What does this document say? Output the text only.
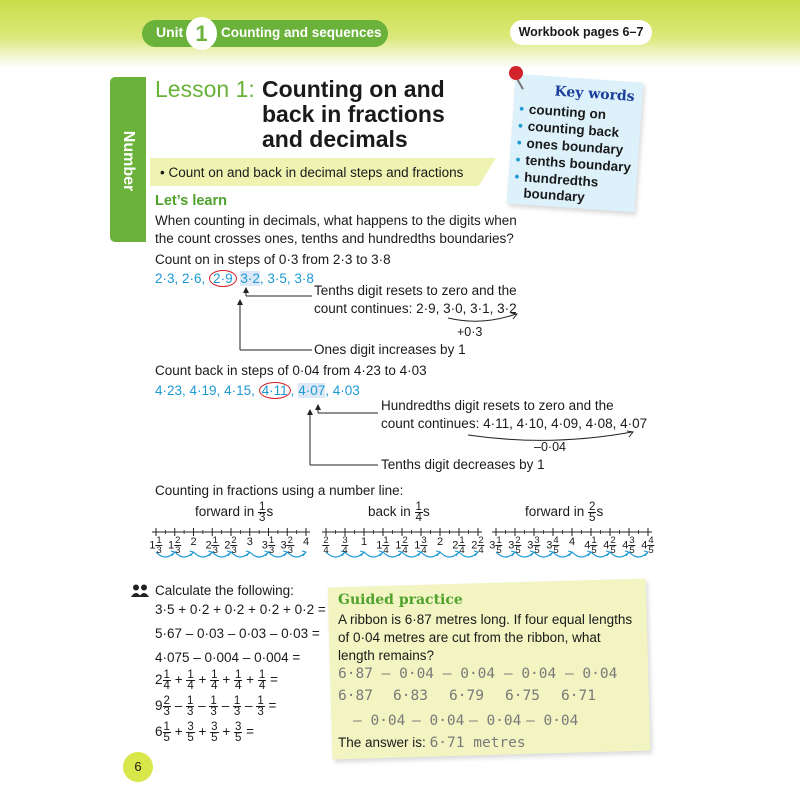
Unit 1 Counting and sequences	Workbook pages 6–7
Number
Lesson 1: Counting on and
back in fractions
and decimals
Key words
• counting on
• counting back
• ones boundary
• tenths boundary
• hundredths
boundary
• Count on and back in decimal steps and fractions
Let’s learn
When counting in decimals, what happens to the digits when
the count crosses ones, tenths and hundredths boundaries?
Count on in steps of 0·3 from 2·3 to 3·8
2·3, 2·6, 2·9 3·2, 3·5, 3·8
Tenths digit resets to zero and the
count continues: 2·9, 3·0, 3·1, 3·2
+0·3
Ones digit increases by 1
Count back in steps of 0·04 from 4·23 to 4·03
4·23, 4·19, 4·15, 4·11 , 4·07, 4·03
Hundredths digit resets to zero and the
count continues: 4·11, 4·10, 4·09, 4·08, 4·07
–0·04
Tenths digit decreases by 1
Counting in fractions using a number line:
forward in $\frac{1}{3}$ s	back in $\frac{1}{4}$ s	forward in $\frac{2}{5}$ s
$1 \frac{1}{3} 1 \frac{2}{3} 2$ $2 \frac{1}{3} 2 \frac{2}{3} 3$ $3 \frac{1}{3} 3 \frac{2}{3} 4 \frac{2}{4} \frac{3}{4} 1$ $1 \frac{1}{4} 1 \frac{2}{4} 1 \frac{3}{4} 2$ $2 \frac{1}{4} 2 \frac{2}{4} 3 \frac{1}{5} 3 \frac{2}{5} 3 \frac{3}{5} 3 \frac{4}{5} 4$ $4 \frac{1}{5} 4 \frac{2}{5} 4 \frac{3}{5} 4 \frac{4}{5}$
Calculate the following:
3·5 + 0·2 + 0·2 + 0·2 + 0·2 =
5·67 – 0·03 – 0·03 – 0·03 =
4·075 – 0·004 – 0·004 =
$2 \frac{1}{4} + \frac{1}{4} + \frac{1}{4} + \frac{1}{4} + \frac{1}{4}$ =
$9 \frac{2}{3} - \frac{1}{3} - \frac{1}{3} - \frac{1}{3} - \frac{1}{3}$ =
$6 \frac{1}{5} + \frac{3}{5} + \frac{3}{5} + \frac{3}{5}$ =
Guided practice
A ribbon is 6·87 metres long. If four equal lengths
of 0·04 metres are cut from the ribbon, what
length remains?
6·87 – 0·04 – 0·04 – 0·04 – 0·04
6·87 6·83 6·79 6·75 6·71
– 0·04 – 0·04 – 0·04 – 0·04
The answer is: 6·71 metres
6
